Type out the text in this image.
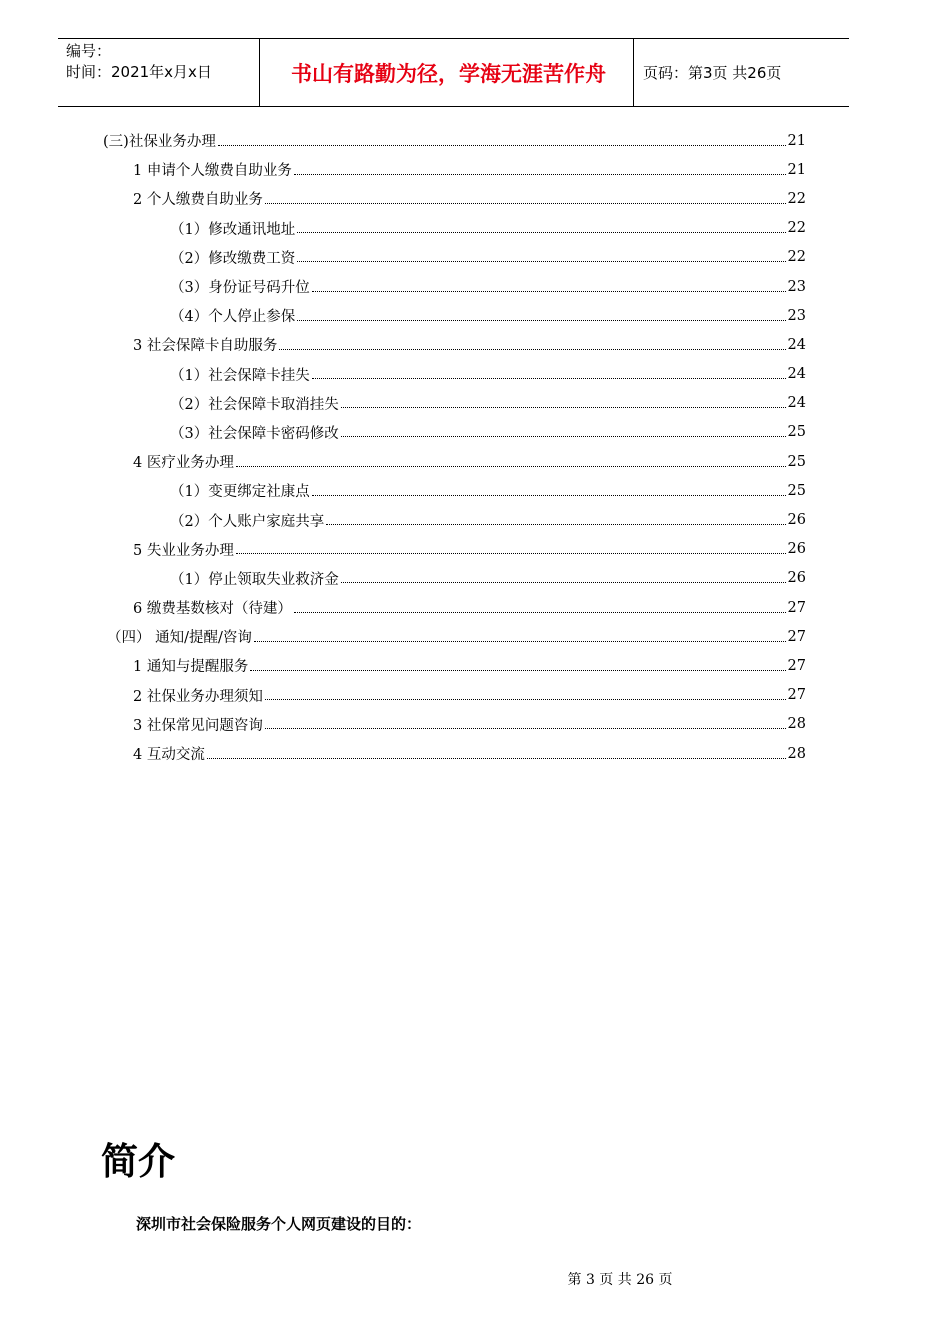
编号：
时间：2021年x月x日	书山有路勤为径，学海无涯苦作舟 页码：第3页 共26页
(三)社保业务办理	21
1 申请个人缴费自助业务	21
2 个人缴费自助业务	22
（1）修改通讯地址	22
（2）修改缴费工资	22
（3）身份证号码升位	23
（4）个人停止参保	23
3 社会保障卡自助服务	24
（1）社会保障卡挂失	24
（2）社会保障卡取消挂失	24
（3）社会保障卡密码修改	25
4 医疗业务办理	25
（1）变更绑定社康点	25
（2）个人账户家庭共享	26
5 失业业务办理	26
（1）停止领取失业救济金	26
6 缴费基数核对（待建）	27
（四） 通知/提醒/咨询	27
1 通知与提醒服务	27
2 社保业务办理须知	27
3 社保常见问题咨询	28
4 互动交流	28
简介
深圳市社会保险服务个人网页建设的目的：
第 3 页 共 26 页
